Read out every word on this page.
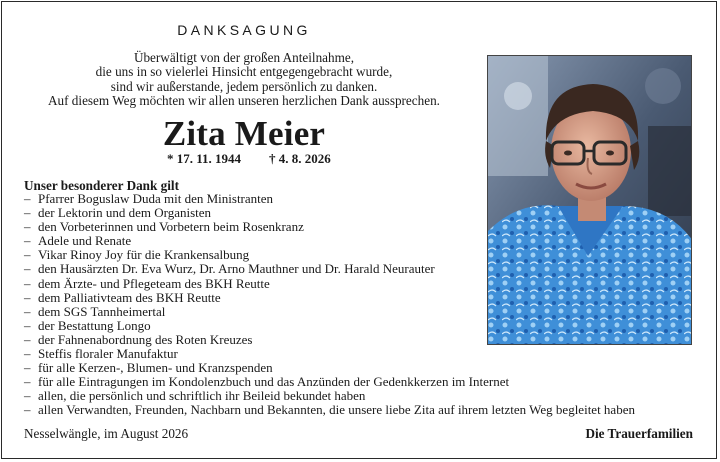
DANKSAGUNG
Überwältigt von der großen Anteilnahme,
die uns in so vielerlei Hinsicht entgegengebracht wurde,
sind wir außerstande, jedem persönlich zu danken.
Auf diesem Weg möchten wir allen unseren herzlichen Dank aussprechen.
Zita Meier
* 17. 11. 1944 † 4. 8. 2026
Unser besonderer Dank gilt
– Pfarrer Boguslaw Duda mit den Ministranten
– der Lektorin und dem Organisten
– den Vorbeterinnen und Vorbetern beim Rosenkranz
– Adele und Renate
– Vikar Rinoy Joy für die Krankensalbung
– den Hausärzten Dr. Eva Wurz, Dr. Arno Mauthner und Dr. Harald Neurauter
– dem Ärzte- und Pflegeteam des BKH Reutte
– dem Palliativteam des BKH Reutte
– dem SGS Tannheimertal
– der Bestattung Longo
– der Fahnenabordnung des Roten Kreuzes
– Steffis floraler Manufaktur
– für alle Kerzen-, Blumen- und Kranzspenden
– für alle Eintragungen im Kondolenzbuch und das Anzünden der Gedenkkerzen im Internet
– allen, die persönlich und schriftlich ihr Beileid bekundet haben
– allen Verwandten, Freunden, Nachbarn und Bekannten, die unsere liebe Zita auf ihrem letzten Weg begleitet haben
Nesselwängle, im August 2026	Die Trauerfamilien
